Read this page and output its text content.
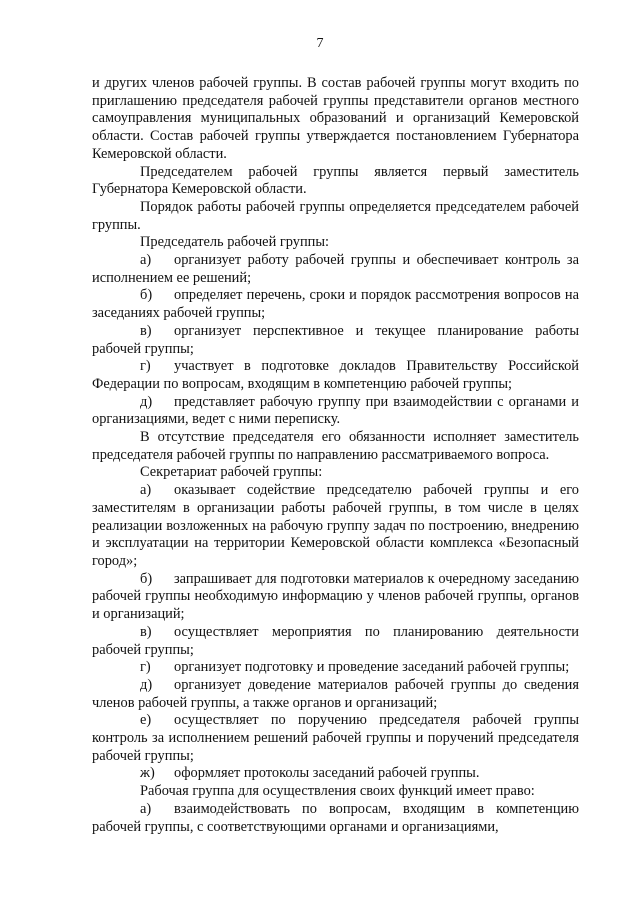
7

и других членов рабочей группы. В состав рабочей группы могут входить по приглашению председателя рабочей группы представители органов местного самоуправления муниципальных образований и организаций Кемеровской области. Состав рабочей группы утверждается постановлением Губернатора Кемеровской области.

Председателем рабочей группы является первый заместитель Губернатора Кемеровской области.

Порядок работы рабочей группы определяется председателем рабочей группы.

Председатель рабочей группы:

а) организует работу рабочей группы и обеспечивает контроль за исполнением ее решений;

б) определяет перечень, сроки и порядок рассмотрения вопросов на заседаниях рабочей группы;

в) организует перспективное и текущее планирование работы рабочей группы;

г) участвует в подготовке докладов Правительству Российской Федерации по вопросам, входящим в компетенцию рабочей группы;

д) представляет рабочую группу при взаимодействии с органами и организациями, ведет с ними переписку.

В отсутствие председателя его обязанности исполняет заместитель председателя рабочей группы по направлению рассматриваемого вопроса.

Секретариат рабочей группы:

а) оказывает содействие председателю рабочей группы и его заместителям в организации работы рабочей группы, в том числе в целях реализации возложенных на рабочую группу задач по построению, внедрению и эксплуатации на территории Кемеровской области комплекса «Безопасный город»;

б) запрашивает для подготовки материалов к очередному заседанию рабочей группы необходимую информацию у членов рабочей группы, органов и организаций;

в) осуществляет мероприятия по планированию деятельности рабочей группы;

г) организует подготовку и проведение заседаний рабочей группы;

д) организует доведение материалов рабочей группы до сведения членов рабочей группы, а также органов и организаций;

е) осуществляет по поручению председателя рабочей группы контроль за исполнением решений рабочей группы и поручений председателя рабочей группы;

ж) оформляет протоколы заседаний рабочей группы.

Рабочая группа для осуществления своих функций имеет право:

а) взаимодействовать по вопросам, входящим в компетенцию рабочей группы, с соответствующими органами и организациями,
